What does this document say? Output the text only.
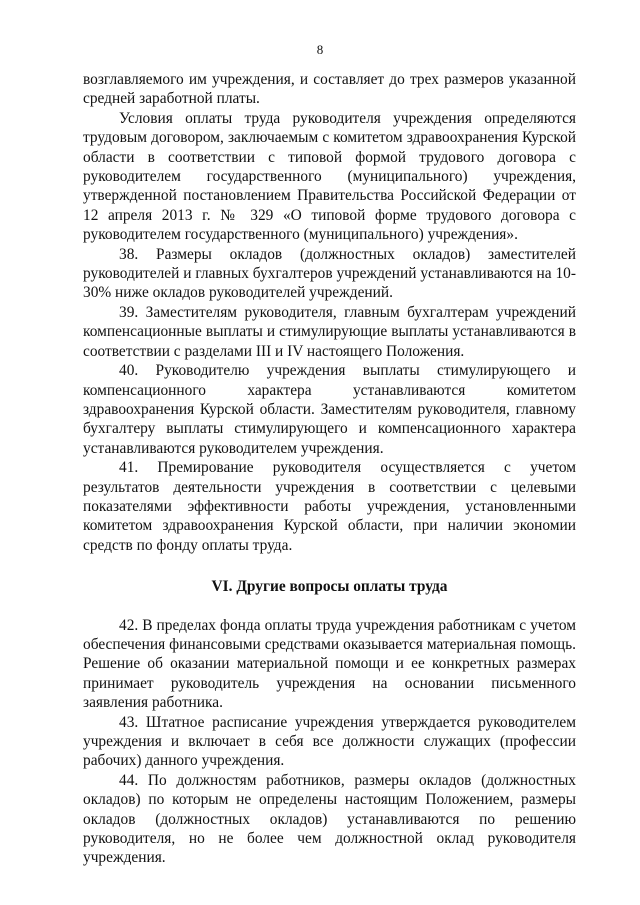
8

возглавляемого им учреждения, и составляет до трех размеров указанной средней заработной платы.

Условия оплаты труда руководителя учреждения определяются трудовым договором, заключаемым с комитетом здравоохранения Курской области в соответствии с типовой формой трудового договора с руководителем государственного (муниципального) учреждения, утвержденной постановлением Правительства Российской Федерации от 12 апреля 2013 г. № 329 «О типовой форме трудового договора с руководителем государственного (муниципального) учреждения».

38. Размеры окладов (должностных окладов) заместителей руководителей и главных бухгалтеров учреждений устанавливаются на 10-30% ниже окладов руководителей учреждений.

39. Заместителям руководителя, главным бухгалтерам учреждений компенсационные выплаты и стимулирующие выплаты устанавливаются в соответствии с разделами III и IV настоящего Положения.

40. Руководителю учреждения выплаты стимулирующего и компенсационного характера устанавливаются комитетом здравоохранения Курской области. Заместителям руководителя, главному бухгалтеру выплаты стимулирующего и компенсационного характера устанавливаются руководителем учреждения.

41. Премирование руководителя осуществляется с учетом результатов деятельности учреждения в соответствии с целевыми показателями эффективности работы учреждения, установленными комитетом здравоохранения Курской области, при наличии экономии средств по фонду оплаты труда.

VI. Другие вопросы оплаты труда

42. В пределах фонда оплаты труда учреждения работникам с учетом обеспечения финансовыми средствами оказывается материальная помощь. Решение об оказании материальной помощи и ее конкретных размерах принимает руководитель учреждения на основании письменного заявления работника.

43. Штатное расписание учреждения утверждается руководителем учреждения и включает в себя все должности служащих (профессии рабочих) данного учреждения.

44. По должностям работников, размеры окладов (должностных окладов) по которым не определены настоящим Положением, размеры окладов (должностных окладов) устанавливаются по решению руководителя, но не более чем должностной оклад руководителя учреждения.
